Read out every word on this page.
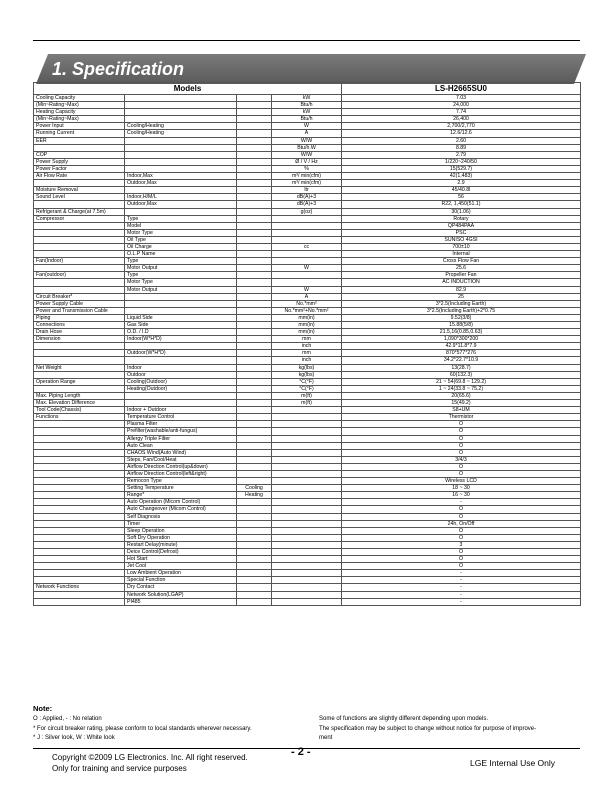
1. Specification
Models				LS-H2665SU0
Cooling Capacity			kW	7.03
(Min~Rating~Max)			Btu/h	24,000
Heating Capacity			kW	7.74
(Min~Rating~Max)			Btu/h	26,400
Power Input	Cooling/Heating		W	2,700/2,770
Running Current	Cooling/Heating		A	12.6/12.6
EER			W/W	2.60
			Btu/h.W	8.89
COP			W/W	2.79
Power Supply			Ø / V / Hz	1/220~240/50
Power Factor			%	15(529.7)
Air Flow Rate	Indoor,Max		m³/ min(cfm)	42(1,483)
	Outdoor,Max		m³/ min(cfm)	2.9
Moisture Removal			ltr	45/40.8l
Sound Level	Indoor,H/M/L		dB(A)+3	56
	Outdoor,Max		dB(A)+3	R22, 1,450(51.1)
Refrigerant & Charge(at 7.5m)			g(oz)	30(1.06)
Compressor	Type			Rotary
	Model			QP484PAA
	Motor Type			PSC
	Oil Type			SUNISO 4GSI
	Oil Charge		cc	700±10
	O.L.P Name			Internal
Fan(Indoor)	Type			Cross Flow Fan
	Motor Output		W	25.6
Fan(outdoor)	Type			Propeller Fan
	Motor Type			AC INDUCTION
	Motor Output		W	82.9
Circuit Breaker*			A	25
Power Supply Cable			No.*mm²	3*2.5(Including Earth)
Power and Transmission Cable			No.*mm²+No.*mm²	3*2.5(Including Earth)+2*0.75
Piping	Liquid Side		mm(in)	9.52(3/8)
Connections	Gas Side		mm(in)	15.88(5/8)
Drain Hose	O.D. / I.D		mm(in)	21.5,16(0.85,0.63)
Dimension	Indoor(W*H*D)		mm	1,090*300*200
			inch	42.9*11.8*7.9
	Outdoor(W*H*D)		mm	870*577*276
			inch	34.2*22.7*10.9
Net Weight	Indoor		kg(lbs)	13(28.7)
	Outdoor		kg(lbs)	60(132.3)
Operation Range	Cooling(Outdoor)		°C(°F)	21 ~ 54(69.8 ~ 129.2)
	Heating(Outdoor)		°C(°F)	1 ~ 24(33.8 ~ 75.2)
Max. Piping Length			m(ft)	20(65.6)
Max. Elevation Difference			m(ft)	15(49.2)
Tool Code(Chassis)	Indoor + Outdoor			S8+UM
Functions	Temperature Control			Thermistor
	Plasma Filter			O
	Prefilter(washable/anti-fungus)			O
	Allergy Triple Filter			O
	Auto Clean			O
	CHAOS Wind(Auto Wind)			O
	Steps, Fan/Cool/Heat			3/4/3
	Airflow Direction Control(up&down)			O
	Airflow Direction Control(left&right)			O
	Remocon Type			Wireless LCD
	Setting Temperature	Cooling		18 ~ 30
	Range*	Heating		16 ~ 30
	Auto Operation (Micom Control)			-
	Auto Changeover (Micom Control)			O
	Self Diagnosis			O
	Timer			24h, On/Off
	Sleep Operation			O
	Soft Dry Operation			O
	Restart Delay(minute)			3
	Deice Control(Defrost)			O
	Hot Start			O
	Jet Cool			O
	Low Ambient Operation			-
	Special Function			-
Network Functions	Dry Contact			-
	Network Solution(LGAP)			-
	PI485			-
Note:
O : Applied, - : No relation
* For circuit breaker rating, please conform to local standards wherever necessary.
* J : Silver look, W : White look
Some of functions are slightly different depending upon models.
The specification may be subject to change without notice for purpose of improve-
ment
Copyright ©2009 LG Electronics. Inc. All right reserved.
Only for training and service purposes
- 2 -
LGE Internal Use Only
